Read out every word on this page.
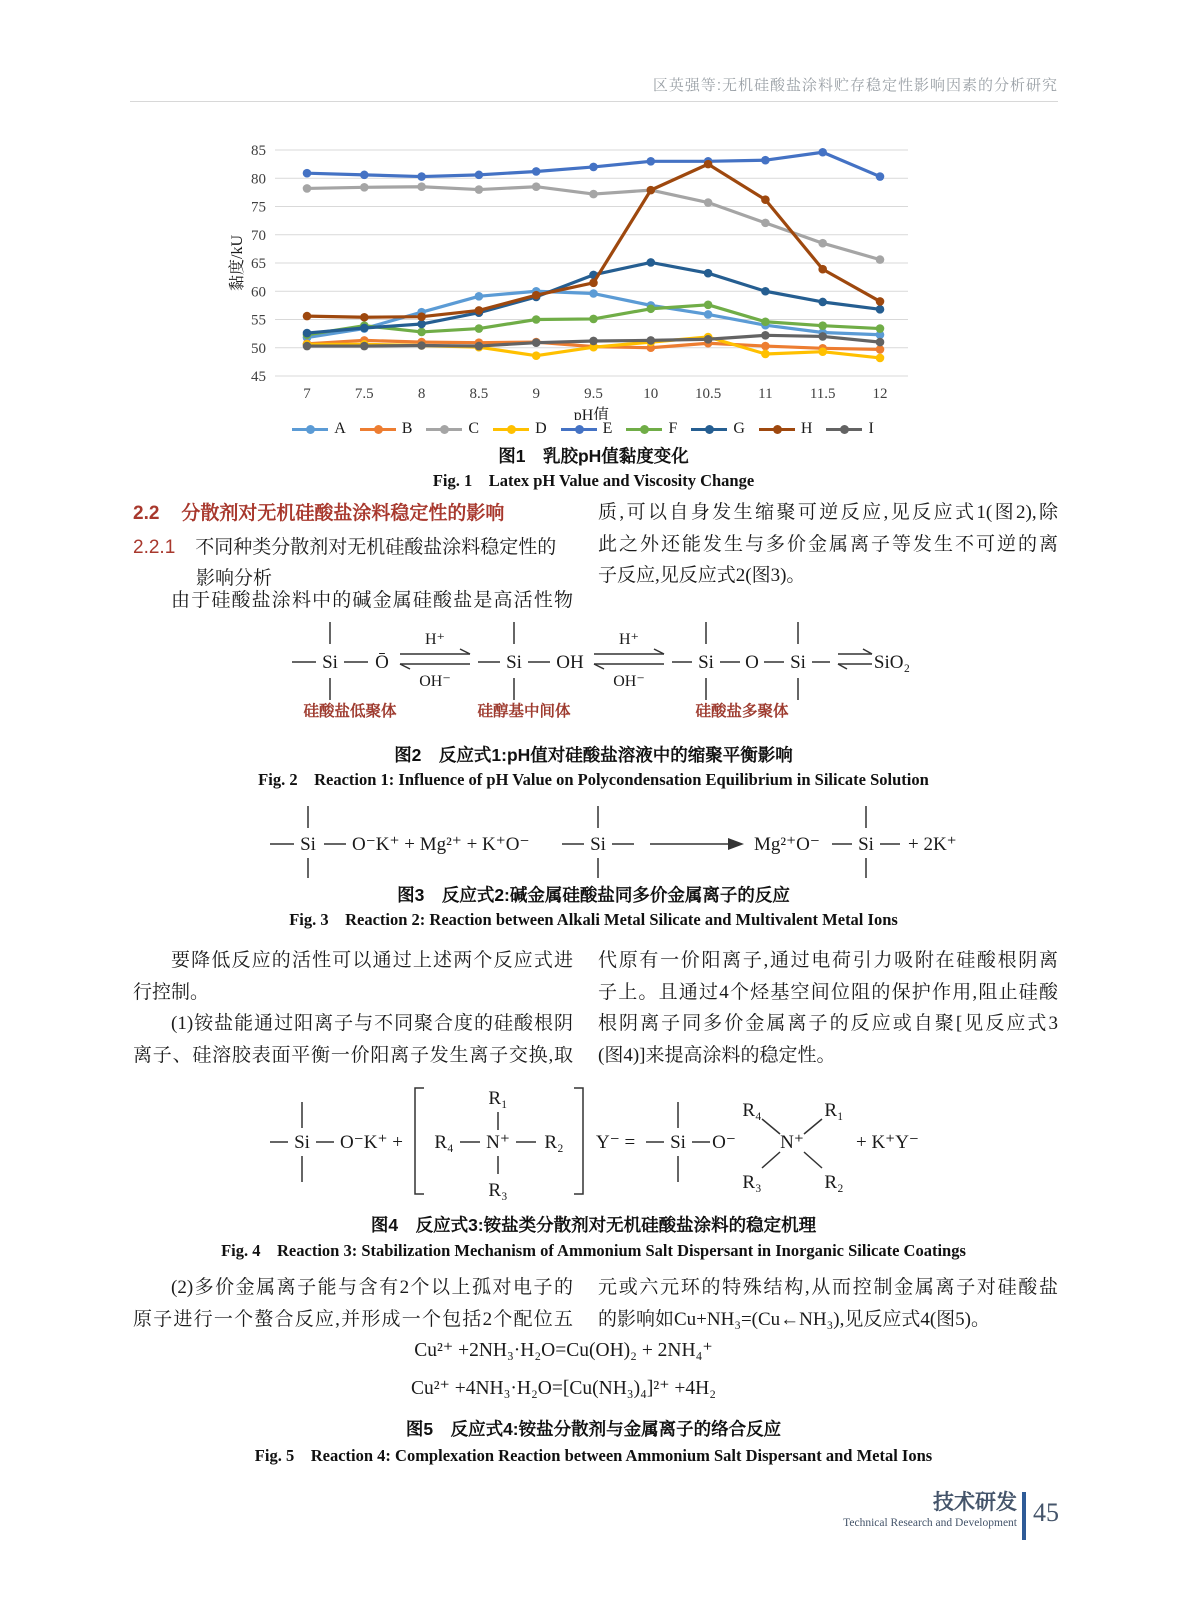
区英强等:无机硅酸盐涂料贮存稳定性影响因素的分析研究
45
50
55
60
65
70
75
80
85
7	7.5	8	8.5	9	9.5	10 10.5 11 11.5 12
pH值
黏度/kU
A	B	C	D	E	F	G	H	I
图1　乳胶pH值黏度变化
Fig. 1　Latex pH Value and Viscosity Change
2.2 分散剂对无机硅酸盐涂料稳定性的影响
2.2.1 不同种类分散剂对无机硅酸盐涂料稳定性的
影响分析
由于硅酸盐涂料中的碱金属硅酸盐是高活性物
质,可以自身发生缩聚可逆反应,见反应式1(图2),除
此之外还能发生与多价金属离子等发生不可逆的离
子反应,见反应式2(图3)。
Si Ō
H⁺
OH⁻
Si OH
H⁺
OH⁻
Si O Si	SiO₂
硅酸盐低聚体	硅醇基中间体	硅酸盐多聚体
图2　反应式1:pH值对硅酸盐溶液中的缩聚平衡影响
Fig. 2　Reaction 1: Influence of pH Value on Polycondensation Equilibrium in Silicate Solution
Si O⁻K⁺ + Mg²⁺ + K⁺O⁻	Si	Mg²⁺O⁻ Si + 2K⁺
图3　反应式2:碱金属硅酸盐同多价金属离子的反应
Fig. 3　Reaction 2: Reaction between Alkali Metal Silicate and Multivalent Metal Ions
要降低反应的活性可以通过上述两个反应式进
行控制。
(1)铵盐能通过阳离子与不同聚合度的硅酸根阴
离子、硅溶胶表面平衡一价阳离子发生离子交换,取
代原有一价阳离子,通过电荷引力吸附在硅酸根阴离
子上。且通过4个烃基空间位阻的保护作用,阻止硅酸
根阴离子同多价金属离子的反应或自聚[见反应式3
(图4)]来提高涂料的稳定性。
Si O⁻K⁺ + R₄ N⁺ R₂
R₁
R₃
Y⁻ = Si O⁻ N⁺
R₄	R₁
R₃	R₂
+ K⁺Y⁻
图4　反应式3:铵盐类分散剂对无机硅酸盐涂料的稳定机理
Fig. 4　Reaction 3: Stabilization Mechanism of Ammonium Salt Dispersant in Inorganic Silicate Coatings
(2)多价金属离子能与含有2个以上孤对电子的
原子进行一个螯合反应,并形成一个包括2个配位五
元或六元环的特殊结构,从而控制金属离子对硅酸盐
的影响如Cu+NH₃=(Cu←NH₃),见反应式4(图5)。
Cu²⁺ +2NH₃·H₂O=Cu(OH)₂ + 2NH₄⁺
Cu²⁺ +4NH₃·H₂O=[Cu(NH₃)₄]²⁺ +4H₂
图5　反应式4:铵盐分散剂与金属离子的络合反应
Fig. 5　Reaction 4: Complexation Reaction between Ammonium Salt Dispersant and Metal Ions
技术研发
Technical Research and Development 45
